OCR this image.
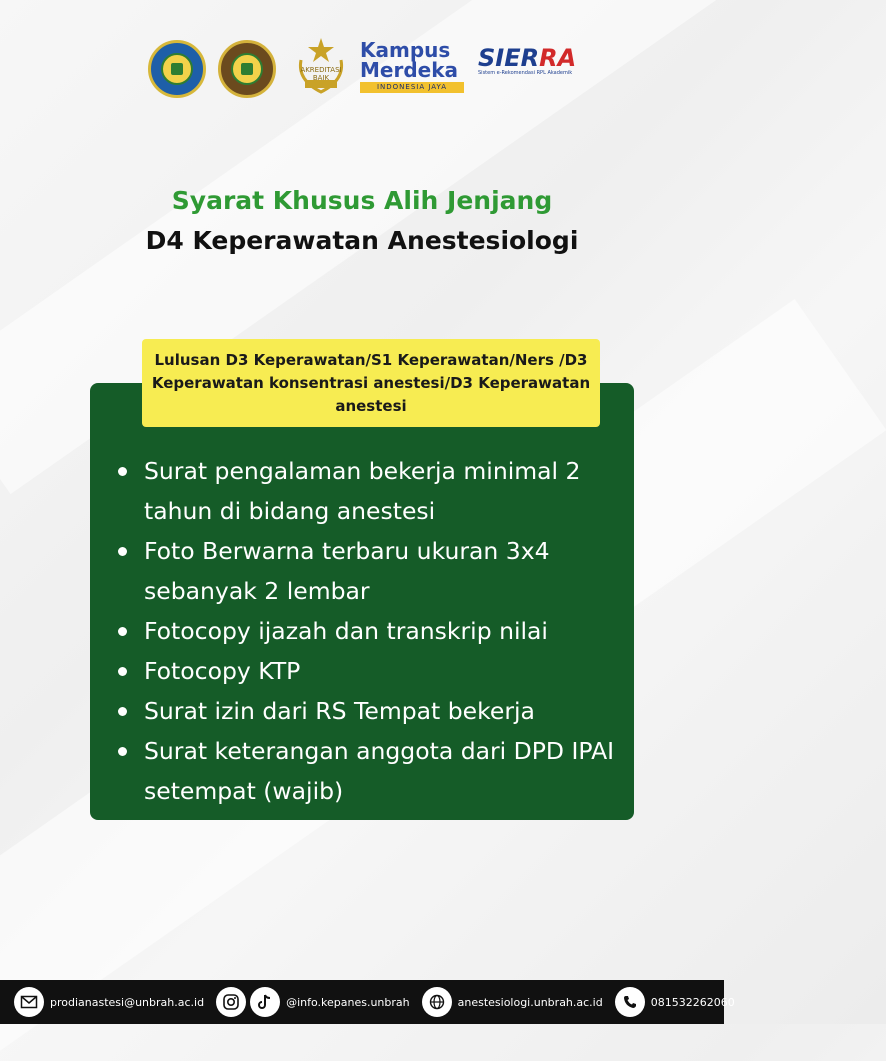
AKREDITASI BAIK
Kampus
Merdeka
INDONESIA JAYA
SIERRA
Sistem e-Rekomendasi RPL Akademik
Syarat Khusus Alih Jenjang
D4 Keperawatan Anestesiologi
Lulusan D3 Keperawatan/S1 Keperawatan/Ners /D3 Keperawatan konsentrasi anestesi/D3 Keperawatan anestesi
Surat pengalaman bekerja minimal 2 tahun di bidang anestesi
Foto Berwarna terbaru ukuran 3x4 sebanyak 2 lembar
Fotocopy ijazah dan transkrip nilai
Fotocopy KTP
Surat izin dari RS Tempat bekerja
Surat keterangan anggota dari DPD IPAI setempat (wajib)
prodianastesi@unbrah.ac.id	@info.kepanes.unbrah	anestesiologi.unbrah.ac.id	081532262060
